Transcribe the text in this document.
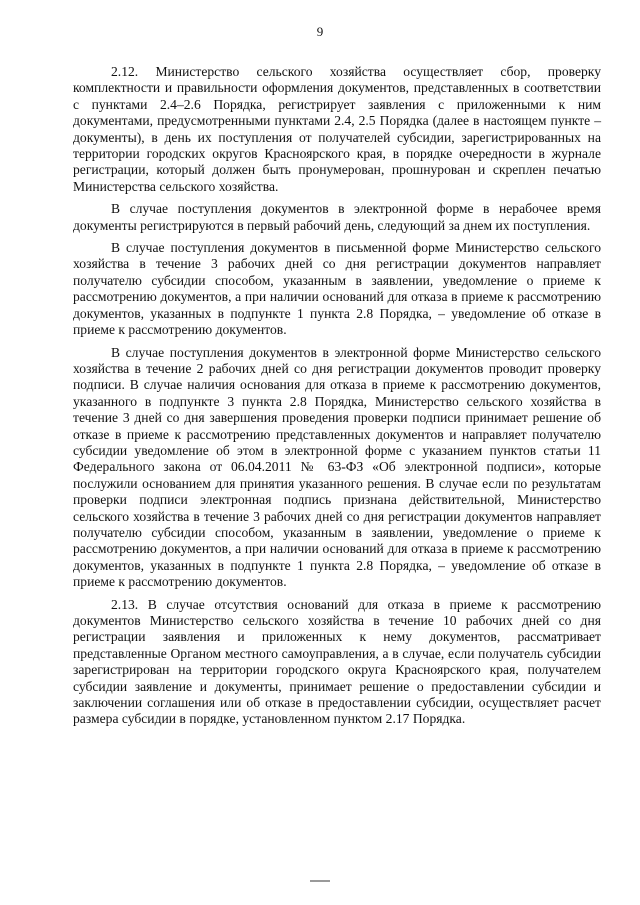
9

2.12. Министерство сельского хозяйства осуществляет сбор, проверку комплектности и правильности оформления документов, представленных в соответствии с пунктами 2.4–2.6 Порядка, регистрирует заявления с приложенными к ним документами, предусмотренными пунктами 2.4, 2.5 Порядка (далее в настоящем пункте – документы), в день их поступления от получателей субсидии, зарегистрированных на территории городских округов Красноярского края, в порядке очередности в журнале регистрации, который должен быть пронумерован, прошнурован и скреплен печатью Министерства сельского хозяйства.

В случае поступления документов в электронной форме в нерабочее время документы регистрируются в первый рабочий день, следующий за днем их поступления.

В случае поступления документов в письменной форме Министерство сельского хозяйства в течение 3 рабочих дней со дня регистрации документов направляет получателю субсидии способом, указанным в заявлении, уведомление о приеме к рассмотрению документов, а при наличии оснований для отказа в приеме к рассмотрению документов, указанных в подпункте 1 пункта 2.8 Порядка, – уведомление об отказе в приеме к рассмотрению документов.

В случае поступления документов в электронной форме Министерство сельского хозяйства в течение 2 рабочих дней со дня регистрации документов проводит проверку подписи. В случае наличия основания для отказа в приеме к рассмотрению документов, указанного в подпункте 3 пункта 2.8 Порядка, Министерство сельского хозяйства в течение 3 дней со дня завершения проведения проверки подписи принимает решение об отказе в приеме к рассмотрению представленных документов и направляет получателю субсидии уведомление об этом в электронной форме с указанием пунктов статьи 11 Федерального закона от 06.04.2011 № 63-ФЗ «Об электронной подписи», которые послужили основанием для принятия указанного решения. В случае если по результатам проверки подписи электронная подпись признана действительной, Министерство сельского хозяйства в течение 3 рабочих дней со дня регистрации документов направляет получателю субсидии способом, указанным в заявлении, уведомление о приеме к рассмотрению документов, а при наличии оснований для отказа в приеме к рассмотрению документов, указанных в подпункте 1 пункта 2.8 Порядка, – уведомление об отказе в приеме к рассмотрению документов.

2.13. В случае отсутствия оснований для отказа в приеме к рассмотрению документов Министерство сельского хозяйства в течение 10 рабочих дней со дня регистрации заявления и приложенных к нему документов, рассматривает представленные Органом местного самоуправления, а в случае, если получатель субсидии зарегистрирован на территории городского округа Красноярского края, получателем субсидии заявление и документы, принимает решение о предоставлении субсидии и заключении соглашения или об отказе в предоставлении субсидии, осуществляет расчет размера субсидии в порядке, установленном пунктом 2.17 Порядка.
